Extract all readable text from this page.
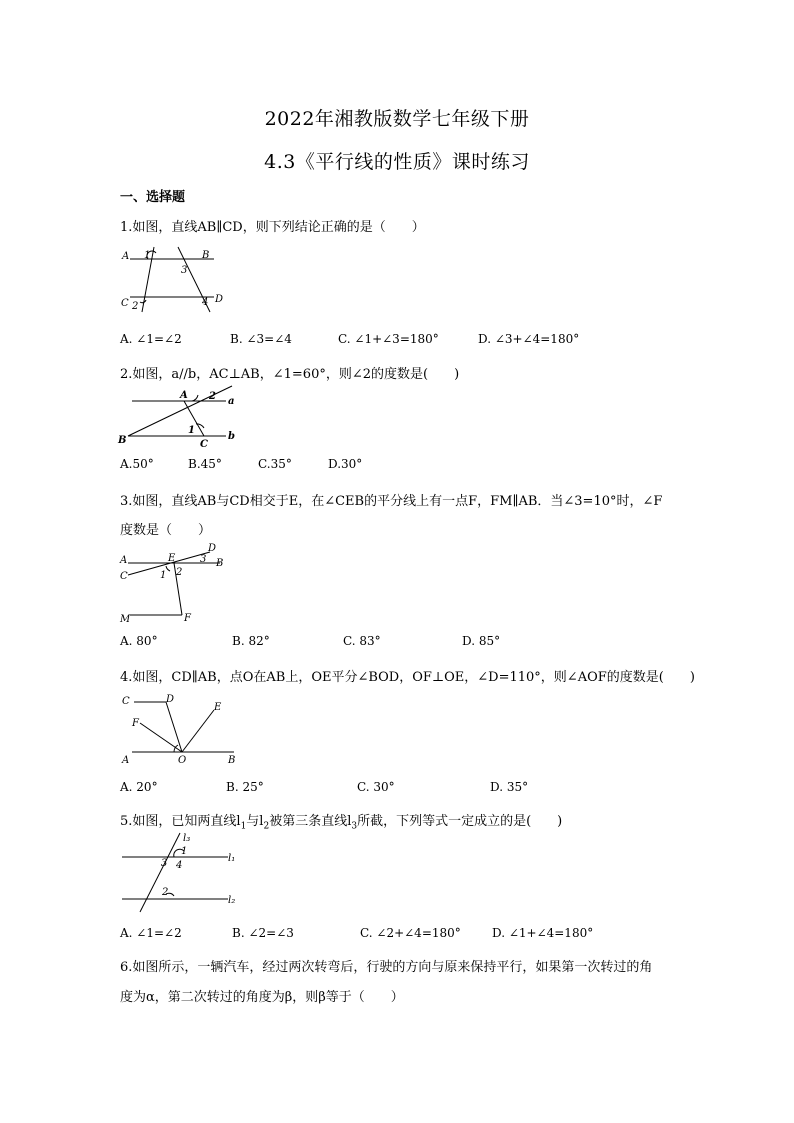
2022年湘教版数学七年级下册
4.3《平行线的性质》课时练习
一、选择题
1.如图，直线AB∥CD，则下列结论正确的是（　　）
A	B
C	D
1
2
3
4
A. ∠1=∠2	B. ∠3=∠4	C. ∠1+∠3=180°	D. ∠3+∠4=180°
2.如图，a//b，AC⊥AB，∠1=60°，则∠2的度数是(　　)
A
B	C
a
b
1
2
A.50°	B.45°	C.35°	D.30°
3.如图，直线AB与CD相交于E，在∠CEB的平分线上有一点F，FM∥AB．当∠3=10°时，∠F
度数是（　　）
A	B
C
D
E
F
M
1 2
3
A. 80°	B. 82°	C. 83°	D. 85°
4.如图，CD∥AB，点O在AB上，OE平分∠BOD，OF⊥OE，∠D=110°，则∠AOF的度数是(　　)
C	D
F
E
A	O	B
A. 20°	B. 25°	C. 30°	D. 35°
5.如图，已知两直线$l_1$与$l_2$被第三条直线$l_3$所截，下列等式一定成立的是(　　)
l₃
l₁
l₂
1
3 4
2
A. ∠1=∠2	B. ∠2=∠3	C. ∠2+∠4=180°	D. ∠1+∠4=180°
6.如图所示，一辆汽车，经过两次转弯后，行驶的方向与原来保持平行，如果第一次转过的角
度为α，第二次转过的角度为β，则β等于（　　）
